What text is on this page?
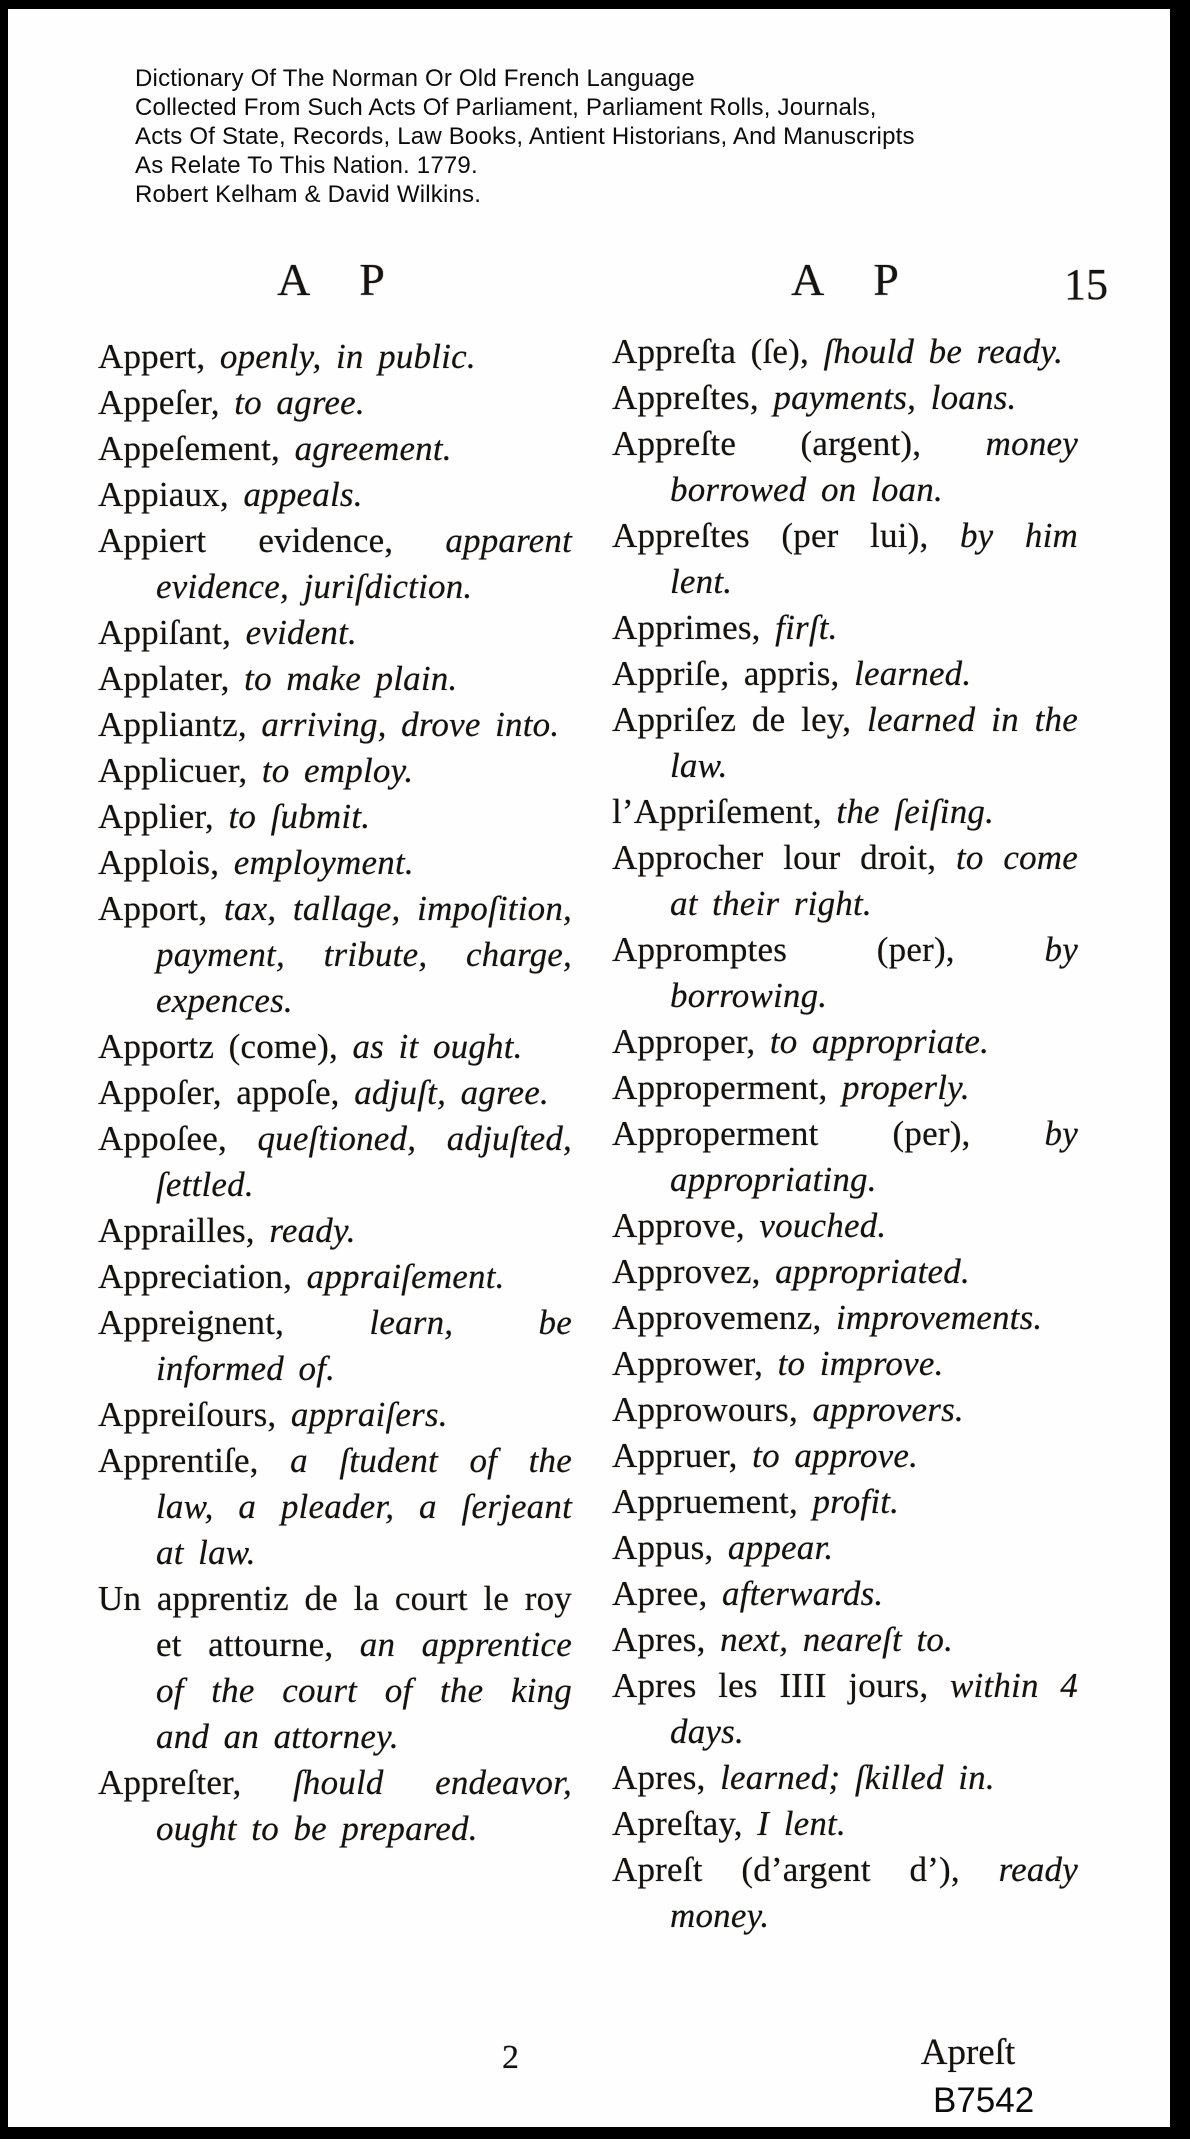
Dictionary Of The Norman Or Old French Language
Collected From Such Acts Of Parliament, Parliament Rolls, Journals,
Acts Of State, Records, Law Books, Antient Historians, And Manuscripts
As Relate To This Nation. 1779.
Robert Kelham & David Wilkins.
A P	A P	15

Appert, openly, in public.

Appeſer, to agree.

Appeſement, agreement.

Appiaux, appeals.

Appiert evidence, apparent evidence, juriſdiction.

Appiſant, evident.

Applater, to make plain.

Appliantz, arriving, drove into.

Applicuer, to employ.

Applier, to ſubmit.

Applois, employment.

Apport, tax, tallage, impoſition, payment, tribute, charge, expences.

Apportz (come), as it ought.

Appoſer, appoſe, adjuſt, agree.

Appoſee, queſtioned, adjuſted, ſettled.

Apprailles, ready.

Appreciation, appraiſement.

Appreignent, learn, be informed of.

Appreiſours, appraiſers.

Apprentiſe, a ſtudent of the law, a pleader, a ſerjeant at law.

Un apprentiz de la court le roy et attourne, an apprentice of the court of the king and an attorney.

Appreſter, ſhould endeavor, ought to be prepared.

Appreſta (ſe), ſhould be ready.

Appreſtes, payments, loans.

Appreſte (argent), money borrowed on loan.

Appreſtes (per lui), by him lent.

Apprimes, firſt.

Appriſe, appris, learned.

Appriſez de ley, learned in the law.

l’Appriſement, the ſeiſing.

Approcher lour droit, to come at their right.

Appromptes (per),	by borrowing.

Approper, to appropriate.

Approperment, properly.

Approperment (per), by appropriating.

Approve, vouched.

Approvez, appropriated.

Approvemenz, improvements.

Apprower, to improve.

Approwours, approvers.

Appruer, to approve.

Appruement, profit.

Appus, appear.

Apree, afterwards.

Apres, next, neareſt to.

Apres les IIII jours, within 4 days.

Apres, learned; ſkilled in.

Apreſtay, I lent.

Apreſt (d’argent d’), ready money.

2	Apreſt
B7542
